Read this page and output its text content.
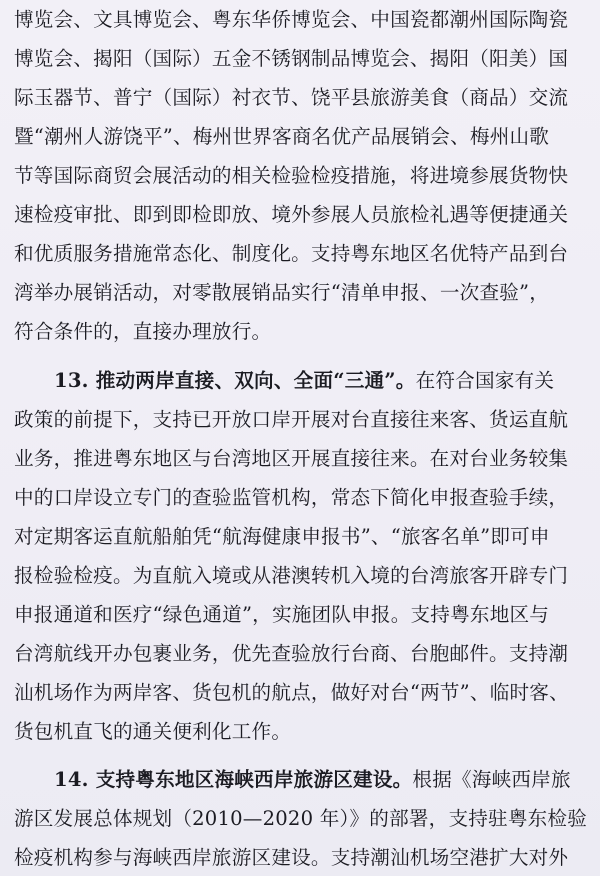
博览会、文具博览会、粤东华侨博览会、中国瓷都潮州国际陶瓷
博览会、揭阳（国际）五金不锈钢制品博览会、揭阳（阳美）国
际玉器节、普宁（国际）衬衣节、饶平县旅游美食（商品）交流
暨“潮州人游饶平”、梅州世界客商名优产品展销会、梅州山歌
节等国际商贸会展活动的相关检验检疫措施，将进境参展货物快
速检疫审批、即到即检即放、境外参展人员旅检礼遇等便捷通关
和优质服务措施常态化、制度化。支持粤东地区名优特产品到台
湾举办展销活动，对零散展销品实行“清单申报、一次查验”，
符合条件的，直接办理放行。
13. 推动两岸直接、双向、全面“三通”。在符合国家有关
政策的前提下，支持已开放口岸开展对台直接往来客、货运直航
业务，推进粤东地区与台湾地区开展直接往来。在对台业务较集
中的口岸设立专门的查验监管机构，常态下简化申报查验手续，
对定期客运直航船舶凭“航海健康申报书”、“旅客名单”即可申
报检验检疫。为直航入境或从港澳转机入境的台湾旅客开辟专门
申报通道和医疗“绿色通道”，实施团队申报。支持粤东地区与
台湾航线开办包裹业务，优先查验放行台商、台胞邮件。支持潮
汕机场作为两岸客、货包机的航点，做好对台“两节”、临时客、
货包机直飞的通关便利化工作。
14. 支持粤东地区海峡西岸旅游区建设。根据《海峡西岸旅
游区发展总体规划（2010—2020 年）》的部署，支持驻粤东检验
检疫机构参与海峡西岸旅游区建设。支持潮汕机场空港扩大对外
